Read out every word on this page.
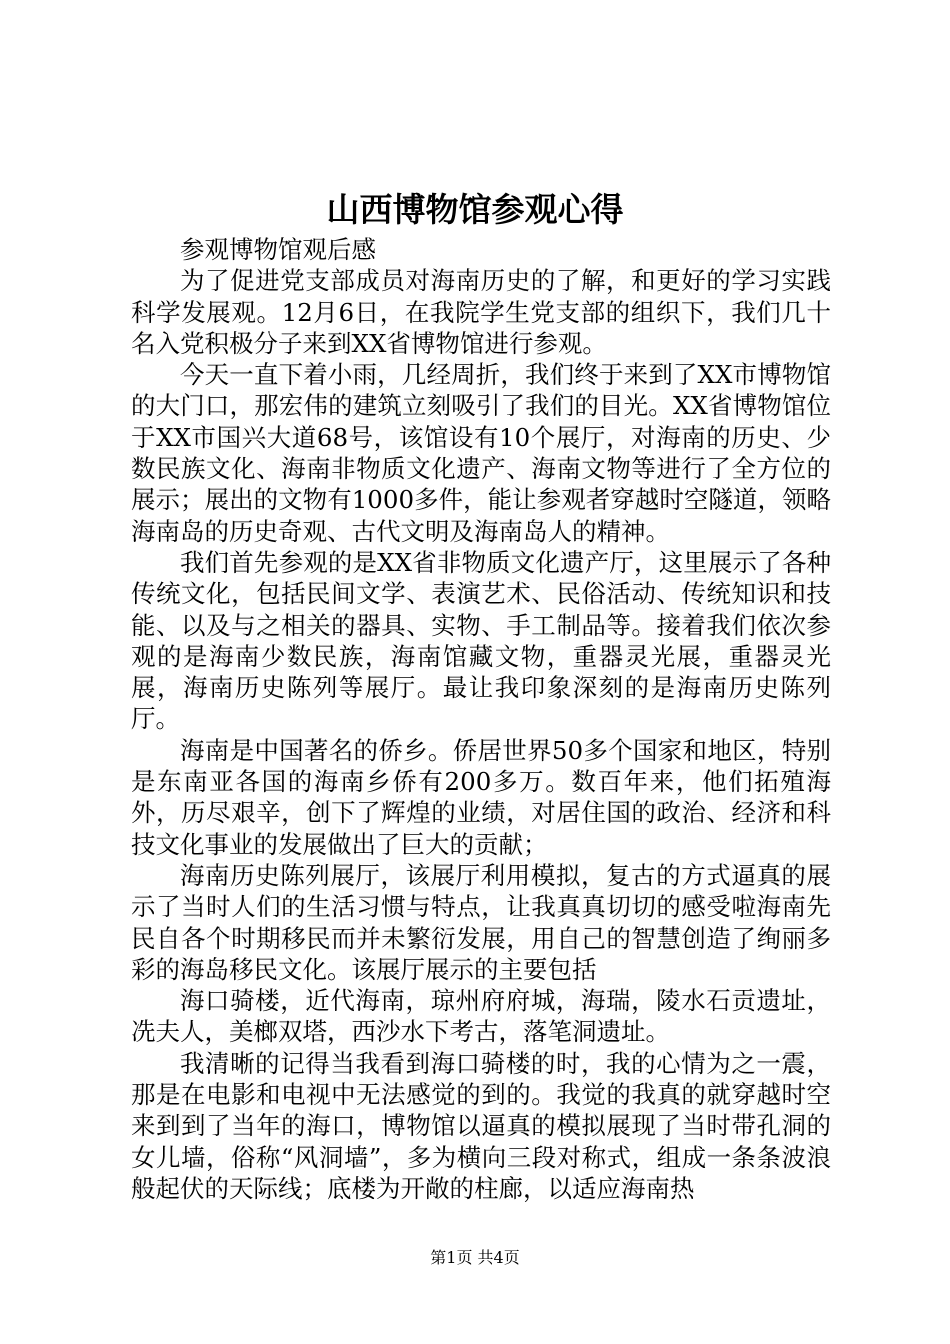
山西博物馆参观心得

参观博物馆观后感

为了促进党支部成员对海南历史的了解，和更好的学习实践科学发展观。12月6日，在我院学生党支部的组织下，我们几十名入党积极分子来到XX省博物馆进行参观。

今天一直下着小雨，几经周折，我们终于来到了XX市博物馆的大门口，那宏伟的建筑立刻吸引了我们的目光。XX省博物馆位于XX市国兴大道68号，该馆设有10个展厅，对海南的历史、少数民族文化、海南非物质文化遗产、海南文物等进行了全方位的展示；展出的文物有1000多件，能让参观者穿越时空隧道，领略海南岛的历史奇观、古代文明及海南岛人的精神。

我们首先参观的是XX省非物质文化遗产厅，这里展示了各种传统文化，包括民间文学、表演艺术、民俗活动、传统知识和技能、以及与之相关的器具、实物、手工制品等。接着我们依次参观的是海南少数民族，海南馆藏文物，重器灵光展，重器灵光展，海南历史陈列等展厅。最让我印象深刻的是海南历史陈列厅。

海南是中国著名的侨乡。侨居世界50多个国家和地区，特别是东南亚各国的海南乡侨有200多万。数百年来，他们拓殖海外，历尽艰辛，创下了辉煌的业绩，对居住国的政治、经济和科技文化事业的发展做出了巨大的贡献；

海南历史陈列展厅，该展厅利用模拟，复古的方式逼真的展示了当时人们的生活习惯与特点，让我真真切切的感受啦海南先民自各个时期移民而并未繁衍发展，用自己的智慧创造了绚丽多彩的海岛移民文化。该展厅展示的主要包括

海口骑楼，近代海南，琼州府府城，海瑞，陵水石贡遗址，冼夫人，美榔双塔，西沙水下考古，落笔洞遗址。

我清晰的记得当我看到海口骑楼的时，我的心情为之一震，那是在电影和电视中无法感觉的到的。我觉的我真的就穿越时空来到到了当年的海口，博物馆以逼真的模拟展现了当时带孔洞的女儿墙，俗称“风洞墙”，多为横向三段对称式，组成一条条波浪般起伏的天际线；底楼为开敞的柱廊，以适应海南热

第1页 共4页
